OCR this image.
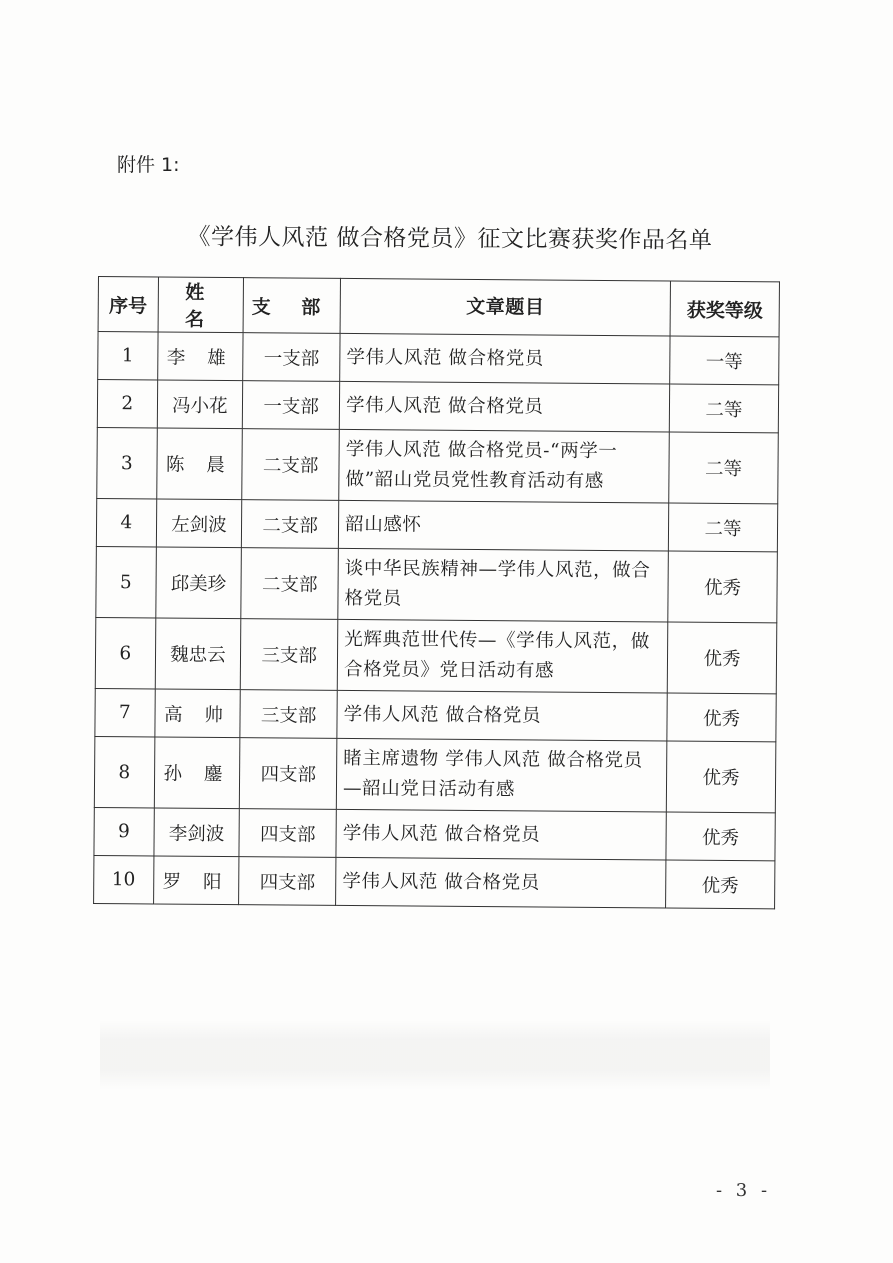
附件 1:
《学伟人风范 做合格党员》征文比赛获奖作品名单
序号	姓 名	支 部	文章题目	获奖等级
1	李 雄	一支部	学伟人风范 做合格党员	一等
2	冯小花	一支部	学伟人风范 做合格党员	二等
3	陈 晨	二支部	学伟人风范 做合格党员-“两学一做”韶山党员党性教育活动有感	二等
4	左剑波	二支部	韶山感怀	二等
5	邱美珍	二支部	谈中华民族精神—学伟人风范，做合格党员	优秀
6	魏忠云	三支部	光辉典范世代传—《学伟人风范，做合格党员》党日活动有感	优秀
7	高 帅	三支部	学伟人风范 做合格党员	优秀
8	孙 鏖	四支部	睹主席遗物 学伟人风范 做合格党员—韶山党日活动有感	优秀
9	李剑波	四支部	学伟人风范 做合格党员	优秀
10	罗 阳	四支部	学伟人风范 做合格党员	优秀
- 3 -
